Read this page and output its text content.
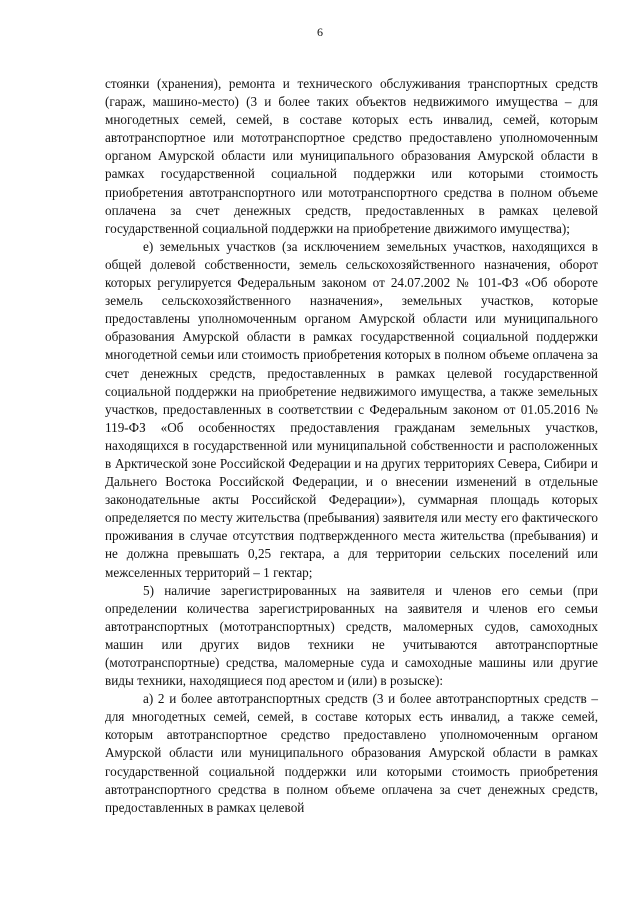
6

стоянки (хранения), ремонта и технического обслуживания транспортных средств (гараж, машино-место) (3 и более таких объектов недвижимого имущества – для многодетных семей, семей, в составе которых есть инвалид, семей, которым автотранспортное или мототранспортное средство предоставлено уполномоченным органом Амурской области или муниципального образования Амурской области в рамках государственной социальной поддержки или которыми стоимость приобретения автотранспортного или мототранспортного средства в полном объеме оплачена за счет денежных средств, предоставленных в рамках целевой государственной социальной поддержки на приобретение движимого имущества);

е) земельных участков (за исключением земельных участков, находящихся в общей долевой собственности, земель сельскохозяйственного назначения, оборот которых регулируется Федеральным законом от 24.07.2002 № 101-ФЗ «Об обороте земель сельскохозяйственного назначения», земельных участков, которые предоставлены уполномоченным органом Амурской области или муниципального образования Амурской области в рамках государственной социальной поддержки многодетной семьи или стоимость приобретения которых в полном объеме оплачена за счет денежных средств, предоставленных в рамках целевой государственной социальной поддержки на приобретение недвижимого имущества, а также земельных участков, предоставленных в соответствии с Федеральным законом от 01.05.2016 № 119-ФЗ «Об особенностях предоставления гражданам земельных участков, находящихся в государственной или муниципальной собственности и расположенных в Арктической зоне Российской Федерации и на других территориях Севера, Сибири и Дальнего Востока Российской Федерации, и о внесении изменений в отдельные законодательные акты Российской Федерации»), суммарная площадь которых определяется по месту жительства (пребывания) заявителя или месту его фактического проживания в случае отсутствия подтвержденного места жительства (пребывания) и не должна превышать 0,25 гектара, а для территории сельских поселений или межселенных территорий – 1 гектар;

5) наличие зарегистрированных на заявителя и членов его семьи (при определении количества зарегистрированных на заявителя и членов его семьи автотранспортных (мототранспортных) средств, маломерных судов, самоходных машин или других видов техники не учитываются автотранспортные (мототранспортные) средства, маломерные суда и самоходные машины или другие виды техники, находящиеся под арестом и (или) в розыске):

а) 2 и более автотранспортных средств (3 и более автотранспортных средств – для многодетных семей, семей, в составе которых есть инвалид, а также семей, которым автотранспортное средство предоставлено уполномоченным органом Амурской области или муниципального образования Амурской области в рамках государственной социальной поддержки или которыми стоимость приобретения автотранспортного средства в полном объеме оплачена за счет денежных средств, предоставленных в рамках целевой
